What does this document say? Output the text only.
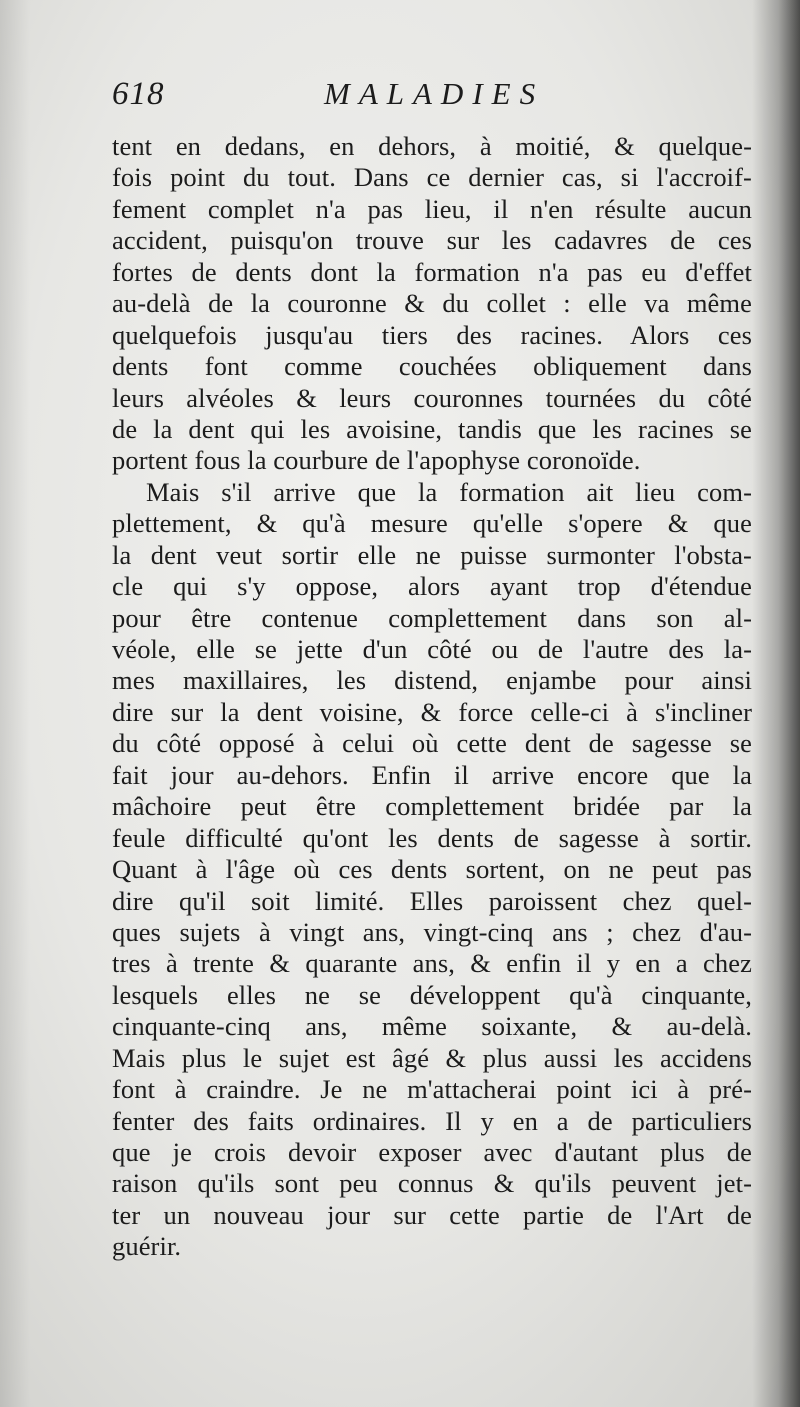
618	MALADIES
tent en dedans, en dehors, à moitié, & quelque-
fois point du tout. Dans ce dernier cas, si l'accroif-
fement complet n'a pas lieu, il n'en résulte aucun
accident, puisqu'on trouve sur les cadavres de ces
fortes de dents dont la formation n'a pas eu d'effet
au-delà de la couronne & du collet : elle va même
quelquefois jusqu'au tiers des racines. Alors ces
dents font comme couchées obliquement dans
leurs alvéoles & leurs couronnes tournées du côté
de la dent qui les avoisine, tandis que les racines se
portent fous la courbure de l'apophyse coronoïde.
Mais s'il arrive que la formation ait lieu com-
plettement, & qu'à mesure qu'elle s'opere & que
la dent veut sortir elle ne puisse surmonter l'obsta-
cle qui s'y oppose, alors ayant trop d'étendue
pour être contenue complettement dans son al-
véole, elle se jette d'un côté ou de l'autre des la-
mes maxillaires, les distend, enjambe pour ainsi
dire sur la dent voisine, & force celle-ci à s'incliner
du côté opposé à celui où cette dent de sagesse se
fait jour au-dehors. Enfin il arrive encore que la
mâchoire peut être complettement bridée par la
feule difficulté qu'ont les dents de sagesse à sortir.
Quant à l'âge où ces dents sortent, on ne peut pas
dire qu'il soit limité. Elles paroissent chez quel-
ques sujets à vingt ans, vingt-cinq ans ; chez d'au-
tres à trente & quarante ans, & enfin il y en a chez
lesquels elles ne se développent qu'à cinquante,
cinquante-cinq ans, même soixante, & au-delà.
Mais plus le sujet est âgé & plus aussi les accidens
font à craindre. Je ne m'attacherai point ici à pré-
fenter des faits ordinaires. Il y en a de particuliers
que je crois devoir exposer avec d'autant plus de
raison qu'ils sont peu connus & qu'ils peuvent jet-
ter un nouveau jour sur cette partie de l'Art de
guérir.
